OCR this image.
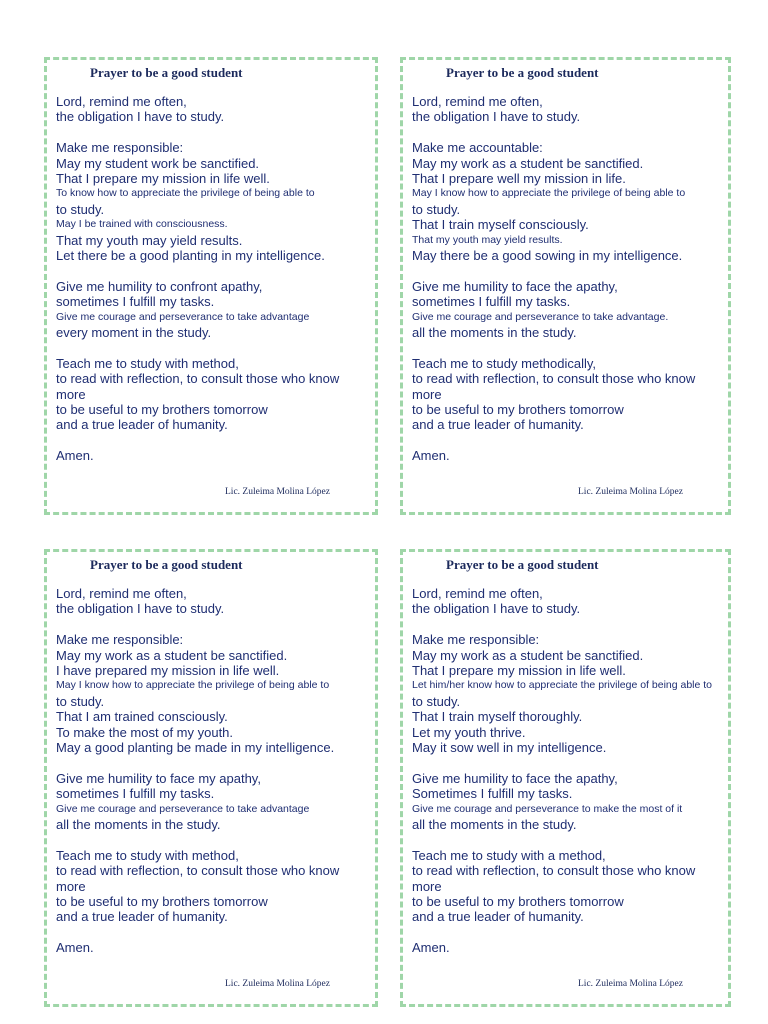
Prayer to be a good student
Lord, remind me often,
the obligation I have to study.
Make me responsible:
May my student work be sanctified.
That I prepare my mission in life well.
To know how to appreciate the privilege of being able to
to study.
May I be trained with consciousness.
That my youth may yield results.
Let there be a good planting in my intelligence.
Give me humility to confront apathy,
sometimes I fulfill my tasks.
Give me courage and perseverance to take advantage
every moment in the study.
Teach me to study with method,
to read with reflection, to consult those who know more
to be useful to my brothers tomorrow
and a true leader of humanity.
Amen.
Lic. Zuleima Molina López
Prayer to be a good student
Lord, remind me often,
the obligation I have to study.
Make me accountable:
May my work as a student be sanctified.
That I prepare well my mission in life.
May I know how to appreciate the privilege of being able to
to study.
That I train myself consciously.
That my youth may yield results.
May there be a good sowing in my intelligence.
Give me humility to face the apathy,
sometimes I fulfill my tasks.
Give me courage and perseverance to take advantage.
all the moments in the study.
Teach me to study methodically,
to read with reflection, to consult those who know more
to be useful to my brothers tomorrow
and a true leader of humanity.
Amen.
Lic. Zuleima Molina López
Prayer to be a good student
Lord, remind me often,
the obligation I have to study.
Make me responsible:
May my work as a student be sanctified.
I have prepared my mission in life well.
May I know how to appreciate the privilege of being able to
to study.
That I am trained consciously.
To make the most of my youth.
May a good planting be made in my intelligence.
Give me humility to face my apathy,
sometimes I fulfill my tasks.
Give me courage and perseverance to take advantage
all the moments in the study.
Teach me to study with method,
to read with reflection, to consult those who know more
to be useful to my brothers tomorrow
and a true leader of humanity.
Amen.
Lic. Zuleima Molina López
Prayer to be a good student
Lord, remind me often,
the obligation I have to study.
Make me responsible:
May my work as a student be sanctified.
That I prepare my mission in life well.
Let him/her know how to appreciate the privilege of being able to
to study.
That I train myself thoroughly.
Let my youth thrive.
May it sow well in my intelligence.
Give me humility to face the apathy,
Sometimes I fulfill my tasks.
Give me courage and perseverance to make the most of it
all the moments in the study.
Teach me to study with a method,
to read with reflection, to consult those who know more
to be useful to my brothers tomorrow
and a true leader of humanity.
Amen.
Lic. Zuleima Molina López
